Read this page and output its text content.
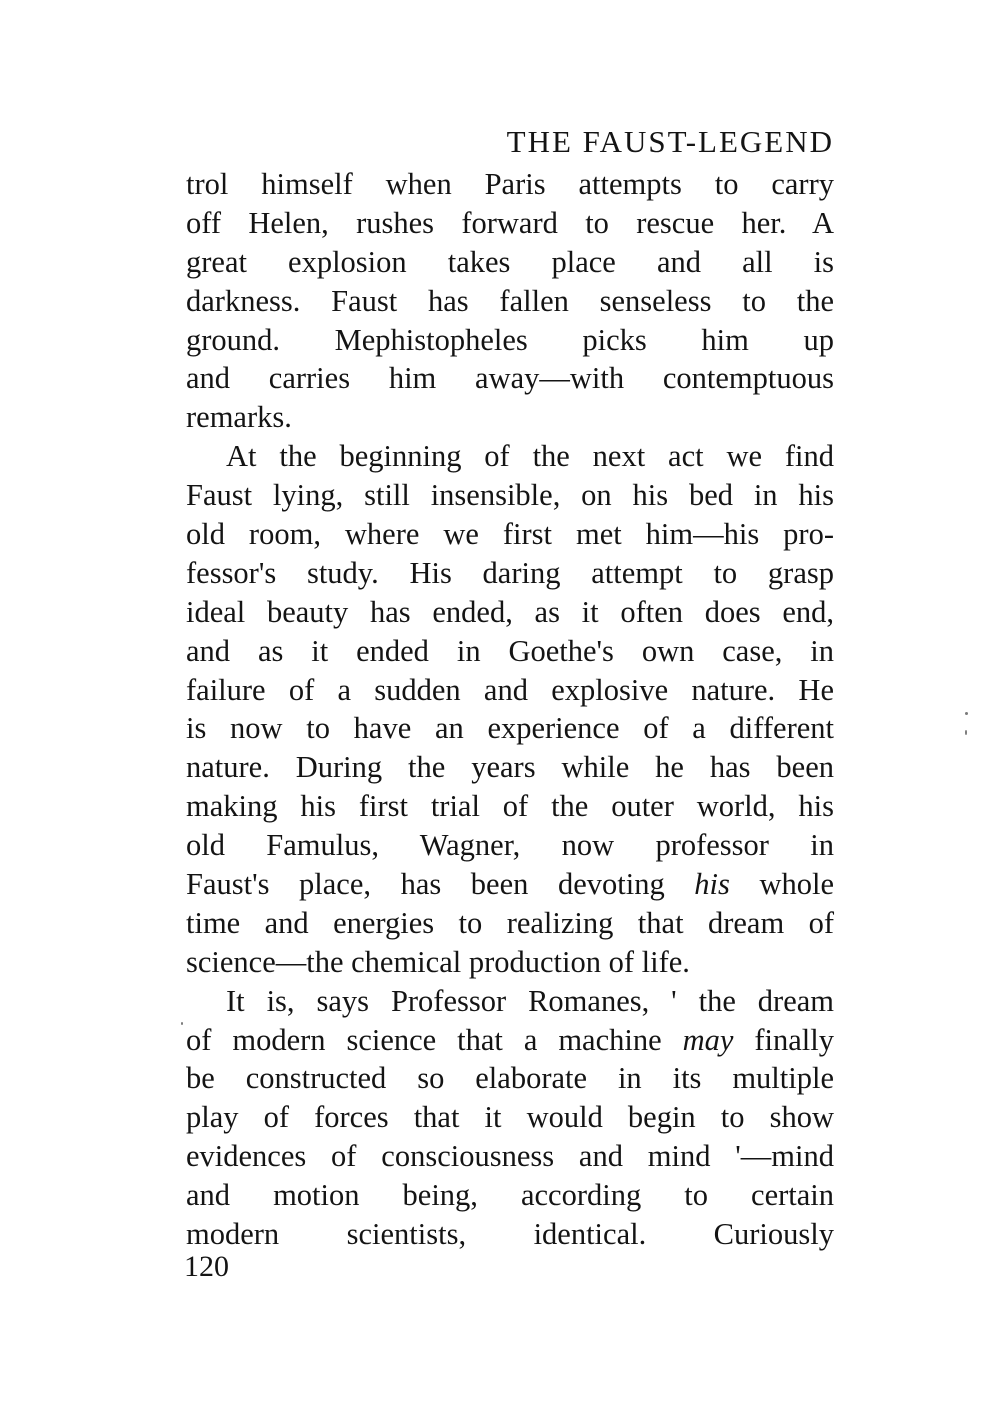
THE FAUST-LEGEND
trol himself when Paris attempts to carry
off Helen, rushes forward to rescue her. A
great explosion takes place and all is
darkness. Faust has fallen senseless to the
ground. Mephistopheles picks him up
and carries him away—with contemptuous
remarks.
At the beginning of the next act we find
Faust lying, still insensible, on his bed in his
old room, where we first met him—his pro-
fessor's study. His daring attempt to grasp
ideal beauty has ended, as it often does end,
and as it ended in Goethe's own case, in
failure of a sudden and explosive nature. He
is now to have an experience of a different
nature. During the years while he has been
making his first trial of the outer world, his
old Famulus, Wagner, now professor in
Faust's place, has been devoting his whole
time and energies to realizing that dream of
science—the chemical production of life.
It is, says Professor Romanes, ' the dream
of modern science that a machine may finally
be constructed so elaborate in its multiple
play of forces that it would begin to show
evidences of consciousness and mind '—mind
and motion being, according to certain
modern scientists, identical. Curiously
120
